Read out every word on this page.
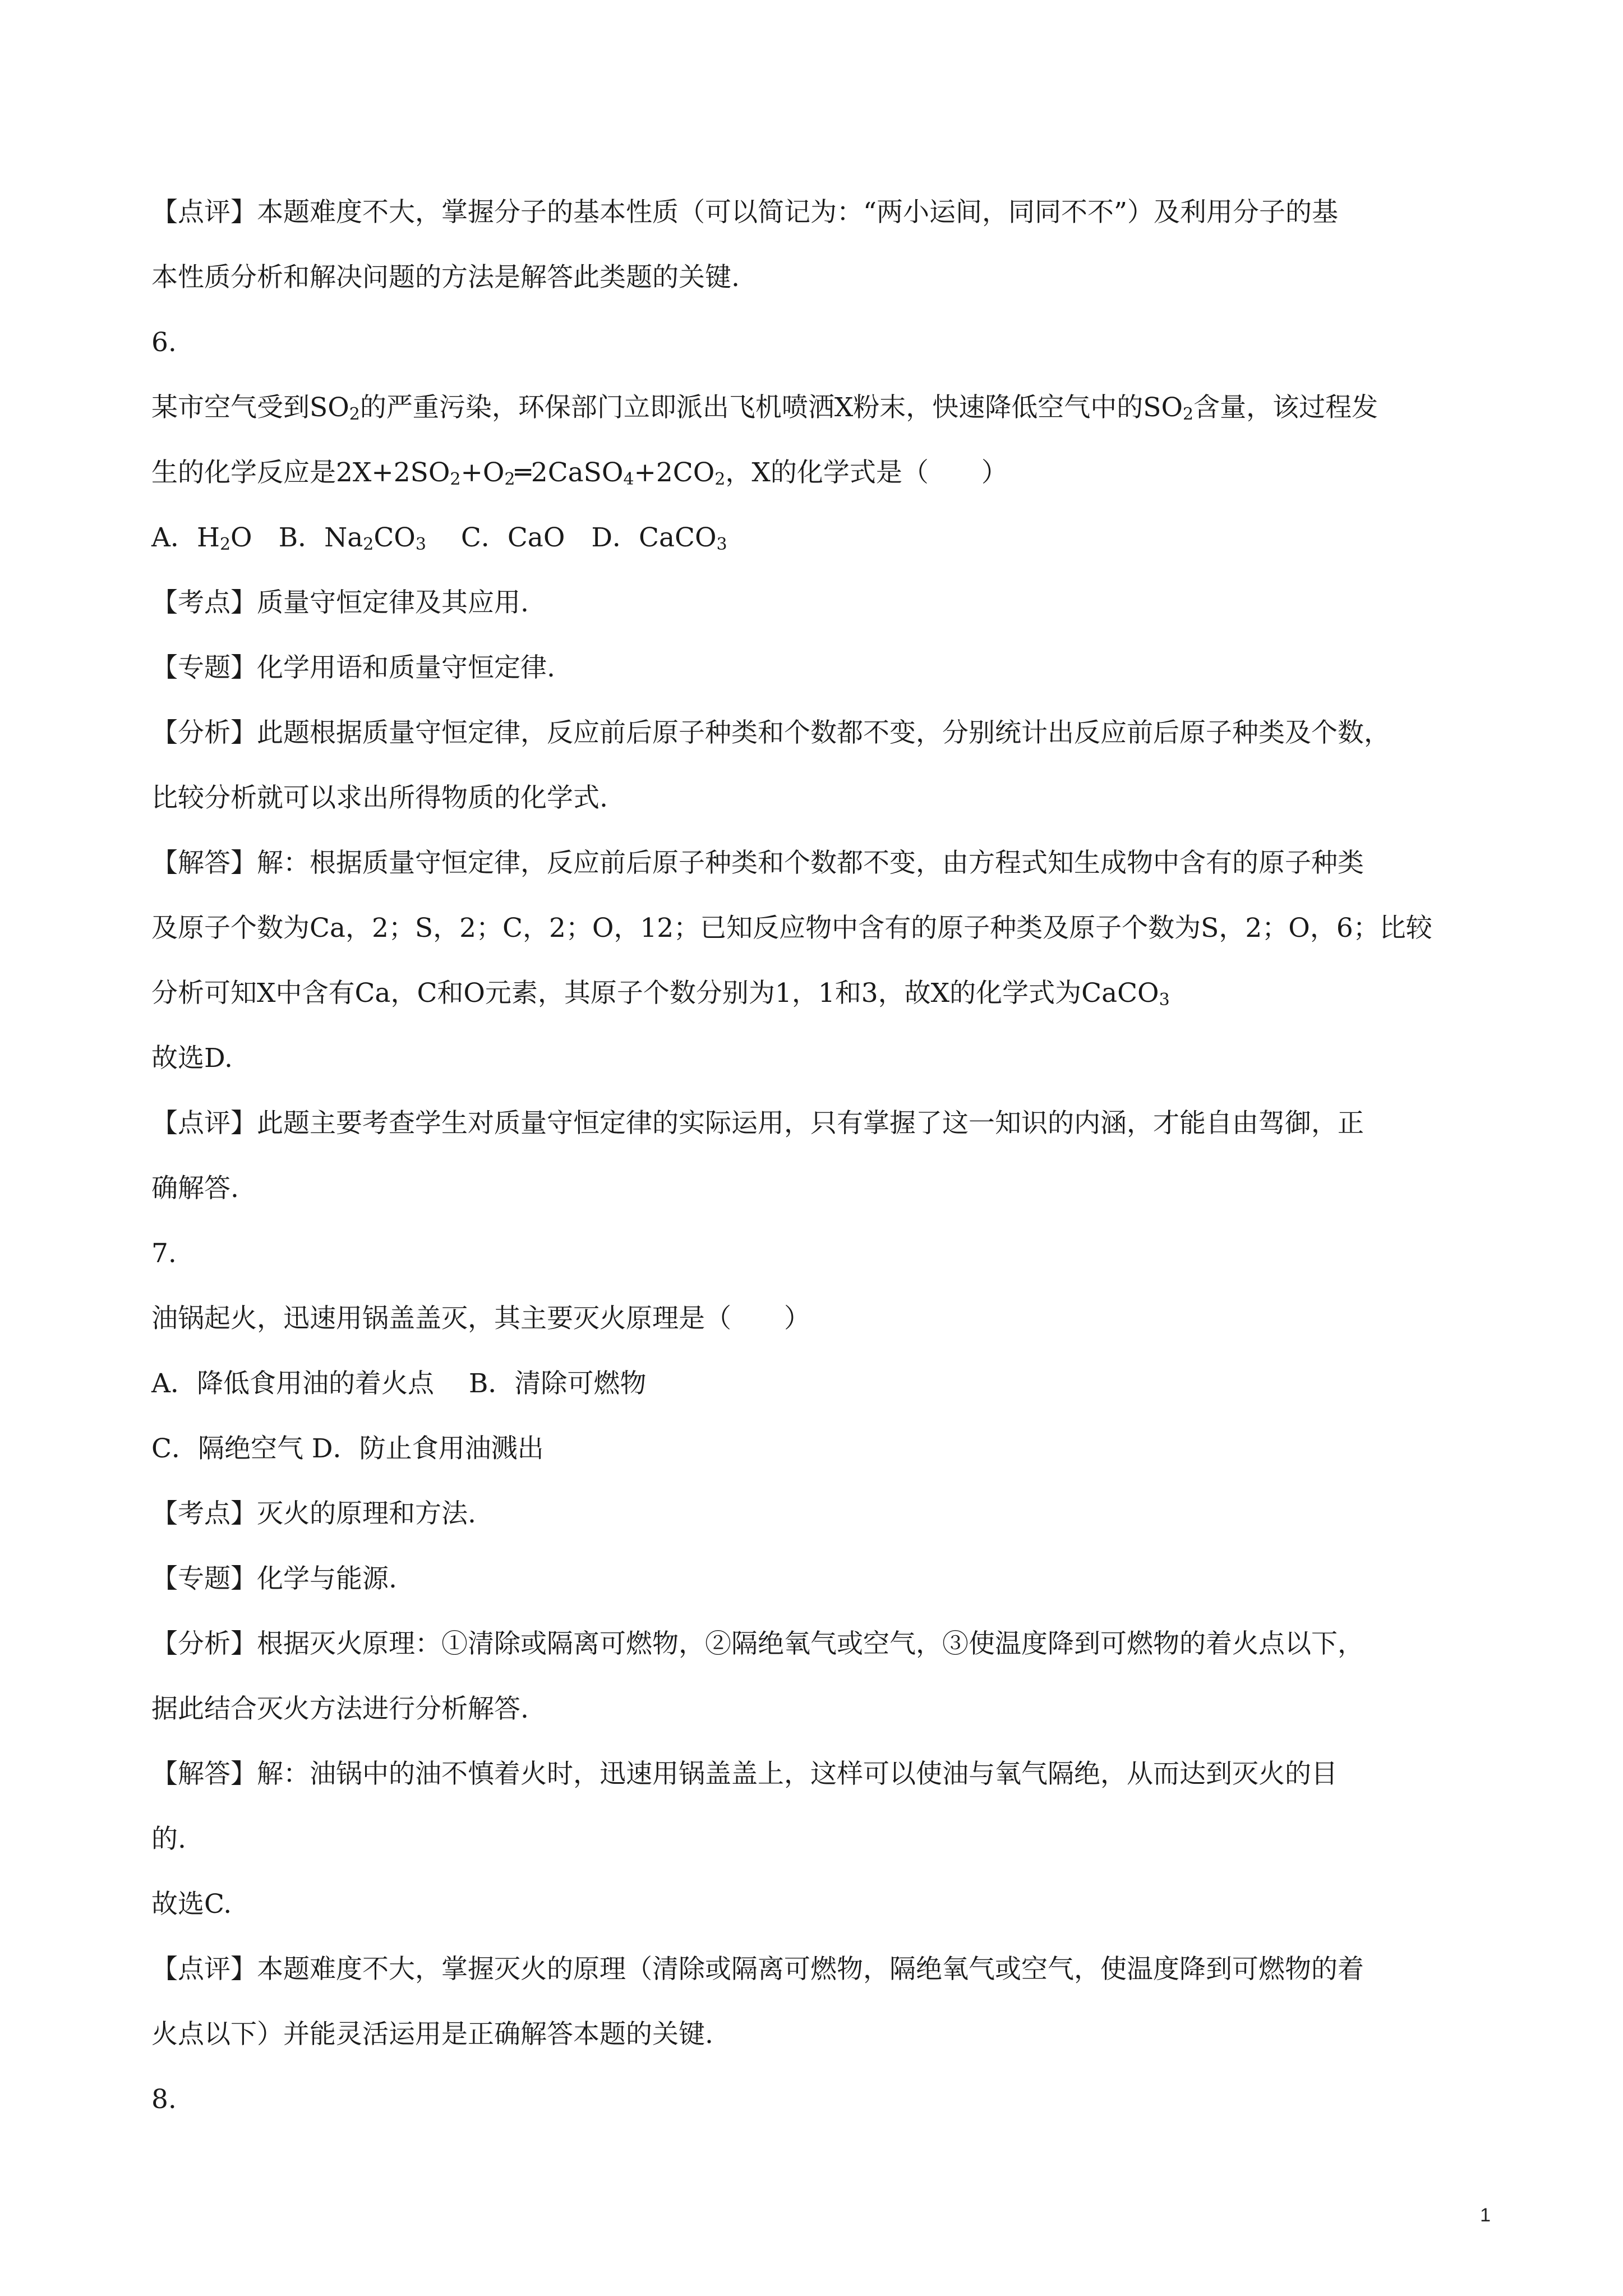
【点评】本题难度不大，掌握分子的基本性质（可以简记为：“两小运间，同同不不”）及利用分子的基
本性质分析和解决问题的方法是解答此类题的关键.
6.
某市空气受到$SO_2$的严重污染，环保部门立即派出飞机喷洒X粉末，快速降低空气中的$SO_2$含量，该过程发
生的化学反应是$2X+2SO_2+O_2═2CaSO_4+2CO_2$，X的化学式是（　　）
A．$H_2O$　B．$Na_2CO_3$　 C．CaO　D．CaCO$_3$
【考点】质量守恒定律及其应用.
【专题】化学用语和质量守恒定律.
【分析】此题根据质量守恒定律，反应前后原子种类和个数都不变，分别统计出反应前后原子种类及个数，
比较分析就可以求出所得物质的化学式.
【解答】解：根据质量守恒定律，反应前后原子种类和个数都不变，由方程式知生成物中含有的原子种类
及原子个数为Ca，2；S，2；C，2；O，12；已知反应物中含有的原子种类及原子个数为S，2；O，6；比较
分析可知X中含有Ca，C和O元素，其原子个数分别为1，1和3，故X的化学式为CaCO$_3$
故选D.
【点评】此题主要考查学生对质量守恒定律的实际运用，只有掌握了这一知识的内涵，才能自由驾御，正
确解答.
7.
油锅起火，迅速用锅盖盖灭，其主要灭火原理是（　　）
A．降低食用油的着火点　 B．清除可燃物
C．隔绝空气 D．防止食用油溅出
【考点】灭火的原理和方法.
【专题】化学与能源.
【分析】根据灭火原理：①清除或隔离可燃物，②隔绝氧气或空气，③使温度降到可燃物的着火点以下，
据此结合灭火方法进行分析解答.
【解答】解：油锅中的油不慎着火时，迅速用锅盖盖上，这样可以使油与氧气隔绝，从而达到灭火的目
的.
故选C.
【点评】本题难度不大，掌握灭火的原理（清除或隔离可燃物，隔绝氧气或空气，使温度降到可燃物的着
火点以下）并能灵活运用是正确解答本题的关键.
8.
1
